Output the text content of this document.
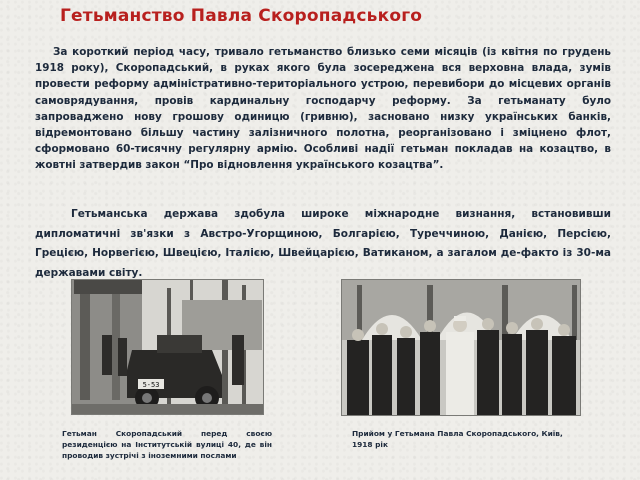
Гетьманство Павла Скоропадського

За короткий період часу, тривало гетьманство близько семи місяців (із квітня по грудень 1918 року), Скоропадський, в руках якого була зосереджена вся верховна влада, зумів провести реформу адміністративно-територіального устрою, перевибори до місцевих органів самоврядування, провів кардинальну господарчу реформу. За гетьманату було запроваджено нову грошову одиницю (гривню), засновано низку українських банків, відремонтовано більшу частину залізничного полотна, реорганізовано і зміцнено флот, сформовано 60-тисячну регулярну армію. Особливі надії гетьман покладав на козацтво, в жовтні затвердив закон “Про відновлення українського козацтва”.

Гетьманська держава здобула широке міжнародне визнання, встановивши дипломатичні зв'язки з Австро-Угорщиною, Болгарією, Туреччиною, Данією, Персією, Грецією, Норвегією, Швецією, Італією, Швейцарією, Ватиканом, а загалом де-факто із 30-ма державами світу.

5-53

Гетьман Скоропадський перед своєю резиденцією на Інститутській вулиці 40, де він проводив зустрічі з іноземними послами

Прийом у Гетьмана Павла Скоропадського, Київ, 1918 рік
